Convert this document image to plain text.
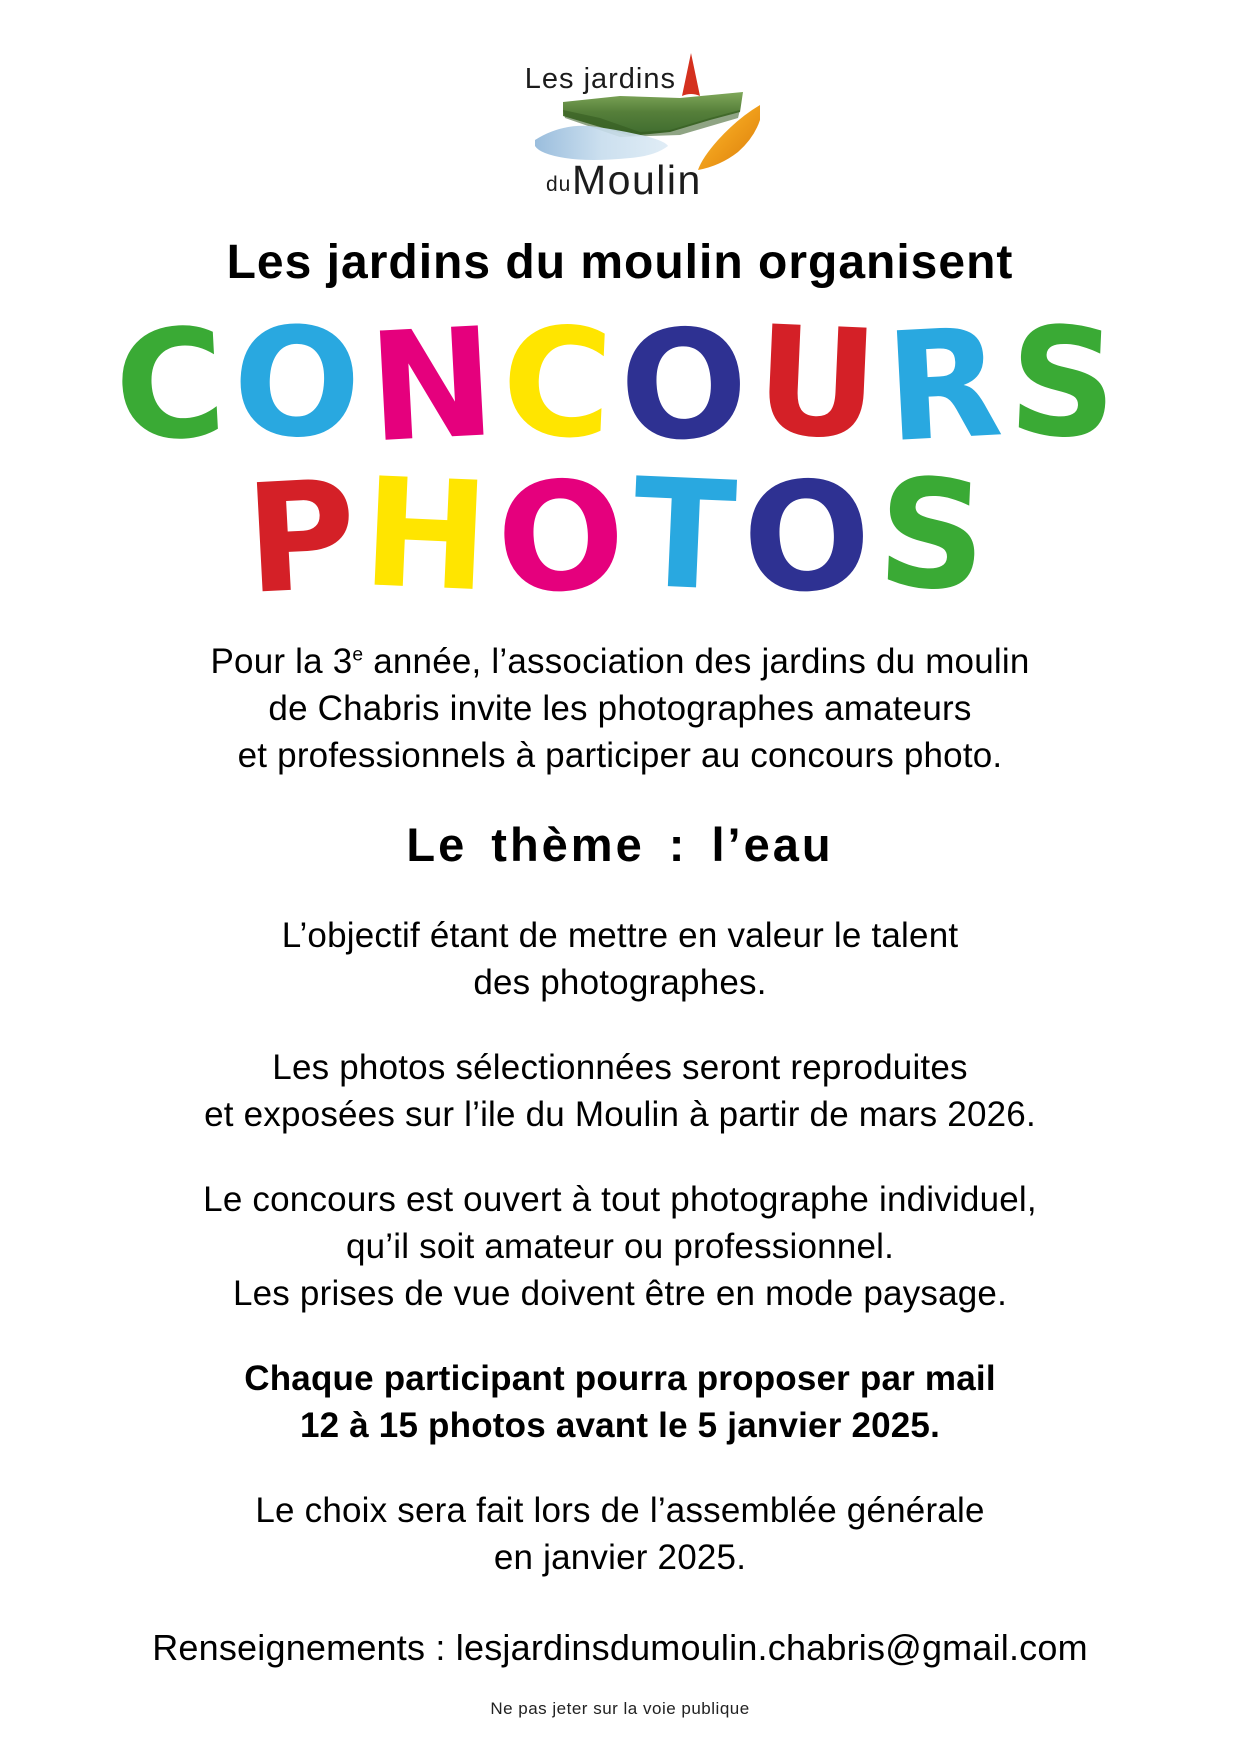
Les jardins
du Moulin
Les jardins du moulin organisent
CONCOURS
PHOTOS

Pour la 3e année, l’association des jardins du moulin
de Chabris invite les photographes amateurs
et professionnels à participer au concours photo.

Le thème : l’eau

L’objectif étant de mettre en valeur le talent
des photographes.

Les photos sélectionnées seront reproduites
et exposées sur l’ile du Moulin à partir de mars 2026.

Le concours est ouvert à tout photographe individuel,
qu’il soit amateur ou professionnel.
Les prises de vue doivent être en mode paysage.

Chaque participant pourra proposer par mail
12 à 15 photos avant le 5 janvier 2025.

Le choix sera fait lors de l’assemblée générale
en janvier 2025.

Renseignements : lesjardinsdumoulin.chabris@gmail.com

Ne pas jeter sur la voie publique
